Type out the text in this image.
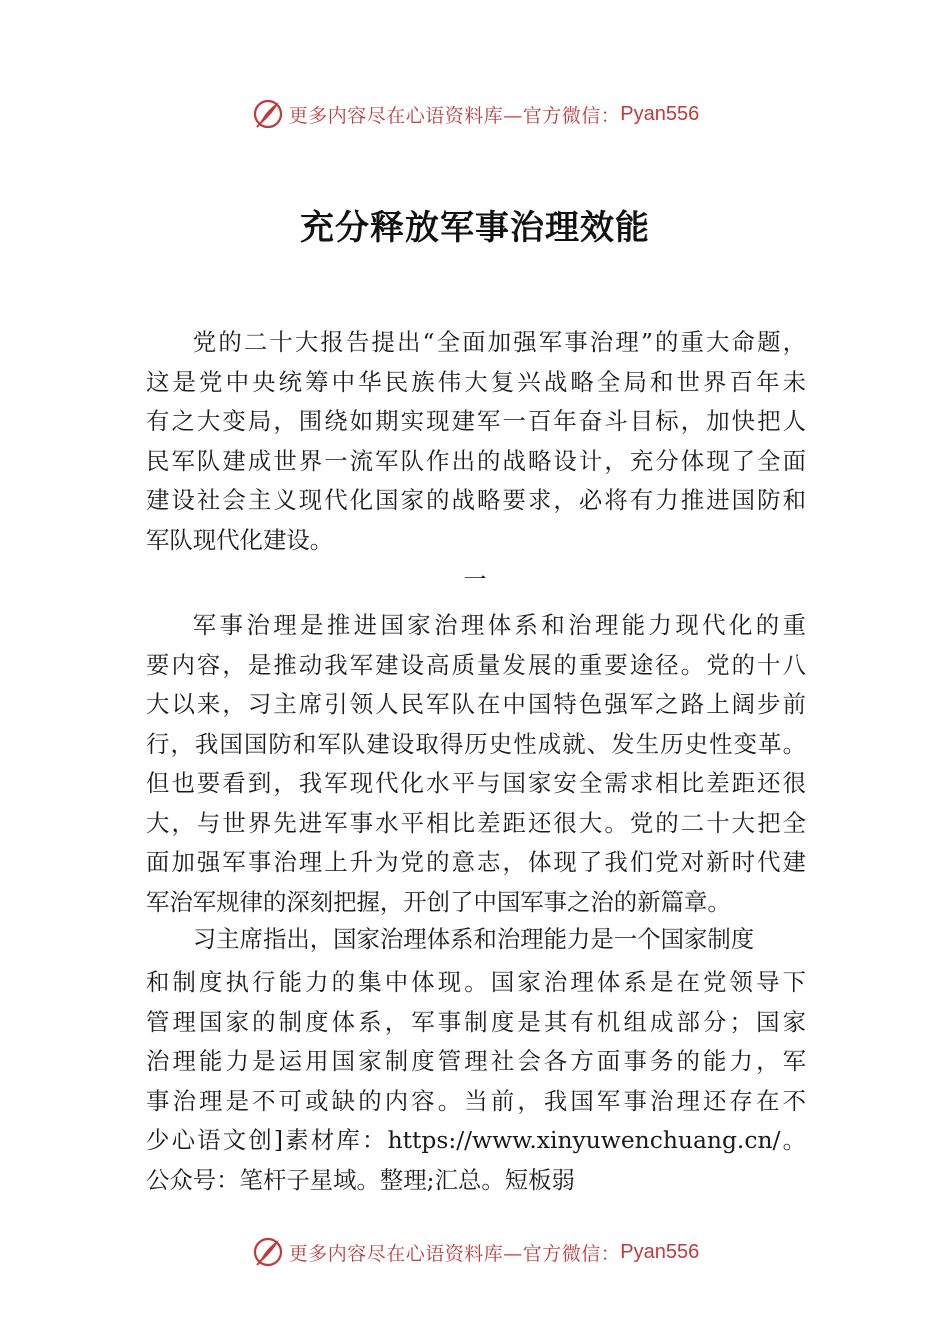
更多内容尽在心语资料库—官方微信： Pyan556
充分释放军事治理效能
党的二十大报告提出“全面加强军事治理”的重大命题，
这是党中央统筹中华民族伟大复兴战略全局和世界百年未
有之大变局，围绕如期实现建军一百年奋斗目标，加快把人
民军队建成世界一流军队作出的战略设计，充分体现了全面
建设社会主义现代化国家的战略要求，必将有力推进国防和
军队现代化建设。
一
军事治理是推进国家治理体系和治理能力现代化的重
要内容，是推动我军建设高质量发展的重要途径。党的十八
大以来，习主席引领人民军队在中国特色强军之路上阔步前
行，我国国防和军队建设取得历史性成就、发生历史性变革。
但也要看到，我军现代化水平与国家安全需求相比差距还很
大，与世界先进军事水平相比差距还很大。党的二十大把全
面加强军事治理上升为党的意志，体现了我们党对新时代建
军治军规律的深刻把握，开创了中国军事之治的新篇章。
习主席指出，国家治理体系和治理能力是一个国家制度
和制度执行能力的集中体现。国家治理体系是在党领导下
管理国家的制度体系，军事制度是其有机组成部分；国家
治理能力是运用国家制度管理社会各方面事务的能力，军
事治理是不可或缺的内容。当前，我国军事治理还存在不
少心语文创]素材库：https://www.xinyuwenchuang.cn/。
公众号：笔杆子星域。整理;汇总。短板弱
更多内容尽在心语资料库—官方微信： Pyan556
